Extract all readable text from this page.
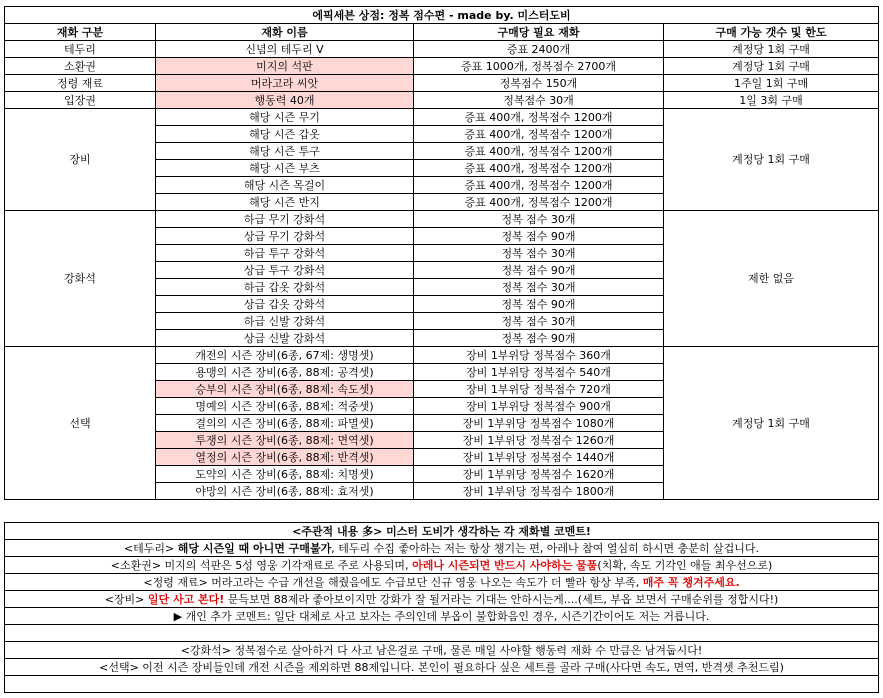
에픽세븐 상점: 정복 점수편 - made by. 미스터도비			
재화 구분	재화 이름	구매당 필요 재화	구매 가능 갯수 및 한도
테두리	신념의 테두리 V	증표 2400개	계정당 1회 구매
소환권	미지의 석판	증표 1000개, 정복점수 2700개	계정당 1회 구매
정령 재료	머라고라 씨앗	정복점수 150개	1주일 1회 구매
입장권	행동력 40개	정복점수 30개	1일 3회 구매
장비	해당 시즌 무기	증표 400개, 정복점수 1200개	계정당 1회 구매
	해당 시즌 갑옷	증표 400개, 정복점수 1200개	
	해당 시즌 투구	증표 400개, 정복점수 1200개	
	해당 시즌 부츠	증표 400개, 정복점수 1200개	
	해당 시즌 목걸이	증표 400개, 정복점수 1200개	
	해당 시즌 반지	증표 400개, 정복점수 1200개	
강화석	하급 무기 강화석	정복 점수 30개	제한 없음
	상급 무기 강화석	정복 점수 90개	
	하급 투구 강화석	정복 점수 30개	
	상급 투구 강화석	정복 점수 90개	
	하급 갑옷 강화석	정복 점수 30개	
	상급 갑옷 강화석	정복 점수 90개	
	하급 신발 강화석	정복 점수 30개	
	상급 신발 강화석	정복 점수 90개	
선택	개전의 시즌 장비(6종, 67제: 생명셋)	장비 1부위당 정복점수 360개	계정당 1회 구매
	용맹의 시즌 장비(6종, 88제: 공격셋)	장비 1부위당 정복점수 540개	
	승부의 시즌 장비(6종, 88제: 속도셋)	장비 1부위당 정복점수 720개	
	명예의 시즌 장비(6종, 88제: 적중셋)	장비 1부위당 정복점수 900개	
	결의의 시즌 장비(6종, 88제: 파멸셋)	장비 1부위당 정복점수 1080개	
	투쟁의 시즌 장비(6종, 88제: 면역셋)	장비 1부위당 정복점수 1260개	
	열정의 시즌 장비(6종, 88제: 반격셋)	장비 1부위당 정복점수 1440개	
	도약의 시즌 장비(6종, 88제: 치명셋)	장비 1부위당 정복점수 1620개	
	야망의 시즌 장비(6종, 88제: 효저셋)	장비 1부위당 정복점수 1800개	
<주관적 내용 多> 미스터 도비가 생각하는 각 재화별 코멘트!
<테두리> 해당 시즌일 때 아니면 구매불가, 테두리 수집 좋아하는 저는 항상 챙기는 편, 아레나 참여 열심히 하시면 충분히 살겁니다.
<소환권> 미지의 석판은 5성 영웅 기각재료로 주로 사용되며, 아레나 시즌되면 반드시 사야하는 물품(치확, 속도 기각인 애들 최우선으로)
<정령 재료> 머라고라는 수급 개선을 해줬음에도 수급보단 신규 영웅 나오는 속도가 더 빨라 항상 부족, 매주 꼭 챙겨주세요.
<장비> 일단 사고 본다! 문득보면 88제라 좋아보이지만 강화가 잘 될거라는 기대는 안하시는게....(세트, 부옵 보면서 구매순위를 정합시다!)
▶ 개인 추가 코멘트: 일단 대체로 사고 보자는 주의인데 부옵이 불합화음인 경우, 시즌기간이어도 저는 거릅니다.

<강화석> 정복점수로 살아하거 다 사고 남은걸로 구매, 물론 매일 사야할 행동력 재화 수 만큼은 남겨둡시다!
<선택> 이전 시즌 장비들인데 개전 시즌을 제외하면 88제입니다. 본인이 필요하다 싶은 세트를 골라 구매(사다면 속도, 면역, 반격셋 추천드림)
